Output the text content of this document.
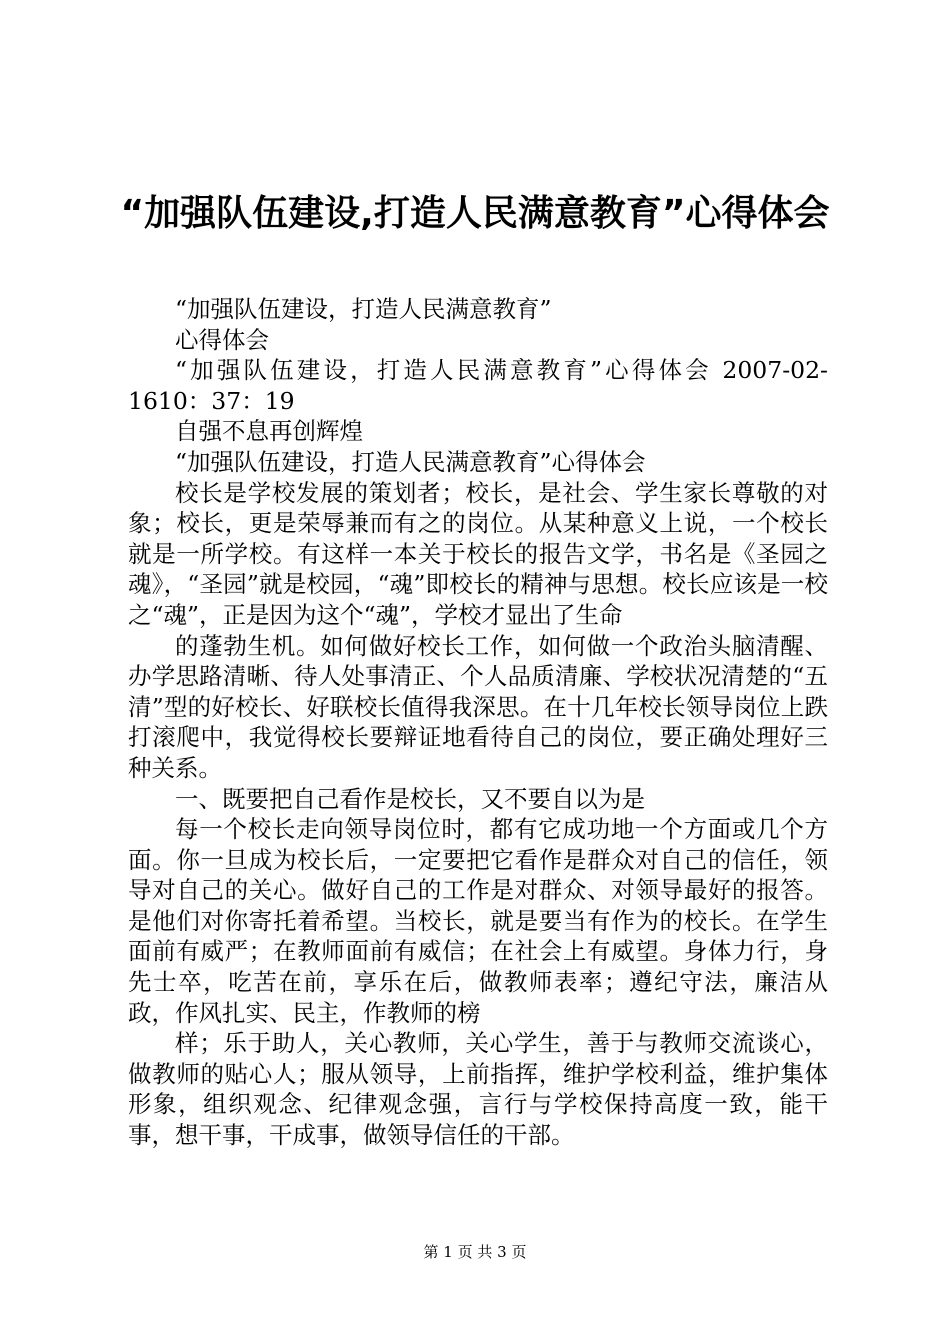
“加强队伍建设,打造人民满意教育”心得体会

“加强队伍建设，打造人民满意教育”

心得体会

“加强队伍建设，打造人民满意教育”心得体会 2007-02-1610：37：19

自强不息再创辉煌

“加强队伍建设，打造人民满意教育”心得体会

校长是学校发展的策划者；校长，是社会、学生家长尊敬的对象；校长，更是荣辱兼而有之的岗位。从某种意义上说，一个校长就是一所学校。有这样一本关于校长的报告文学，书名是《圣园之魂》，“圣园”就是校园，“魂”即校长的精神与思想。校长应该是一校之“魂”，正是因为这个“魂”，学校才显出了生命

的蓬勃生机。如何做好校长工作，如何做一个政治头脑清醒、办学思路清晰、待人处事清正、个人品质清廉、学校状况清楚的“五清”型的好校长、好联校长值得我深思。在十几年校长领导岗位上跌打滚爬中，我觉得校长要辩证地看待自己的岗位，要正确处理好三种关系。

一、既要把自己看作是校长，又不要自以为是

每一个校长走向领导岗位时，都有它成功地一个方面或几个方面。你一旦成为校长后，一定要把它看作是群众对自己的信任，领导对自己的关心。做好自己的工作是对群众、对领导最好的报答。是他们对你寄托着希望。当校长，就是要当有作为的校长。在学生面前有威严；在教师面前有威信；在社会上有威望。身体力行，身先士卒，吃苦在前，享乐在后，做教师表率；遵纪守法，廉洁从政，作风扎实、民主，作教师的榜

样；乐于助人，关心教师，关心学生，善于与教师交流谈心，做教师的贴心人；服从领导，上前指挥，维护学校利益，维护集体形象，组织观念、纪律观念强，言行与学校保持高度一致，能干事，想干事，干成事，做领导信任的干部。

第 1 页 共 3 页
